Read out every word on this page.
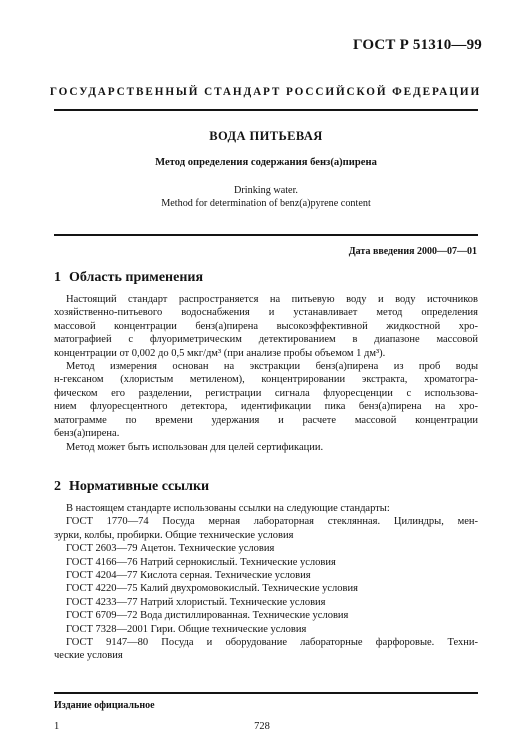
ГОСТ Р 51310—99
ГОСУДАРСТВЕННЫЙ СТАНДАРТ РОССИЙСКОЙ ФЕДЕРАЦИИ
ВОДА ПИТЬЕВАЯ
Метод определения содержания бенз(а)пирена
Drinking water.
Method for determination of benz(a)pyrene content
Дата введения 2000—07—01
1 Область применения
Настоящий стандарт распространяется на питьевую воду и воду источников
хозяйственно-питьевого водоснабжения и устанавливает метод определения
массовой концентрации бенз(а)пирена высокоэффективной жидкостной хро-
матографией с флуориметрическим детектированием в диапазоне массовой
концентрации от 0,002 до 0,5 мкг/дм³ (при анализе пробы объемом 1 дм³).
Метод измерения основан на экстракции бенз(а)пирена из проб воды
н-гексаном (хлористым метиленом), концентрировании экстракта, хроматогра-
фическом его разделении, регистрации сигнала флуоресценции с использова-
нием флуоресцентного детектора, идентификации пика бенз(а)пирена на хро-
матограмме по времени удержания и расчете массовой концентрации
бенз(а)пирена.
Метод может быть использован для целей сертификации.
2 Нормативные ссылки
В настоящем стандарте использованы ссылки на следующие стандарты:
ГОСТ 1770—74 Посуда мерная лабораторная стеклянная. Цилиндры, мен-
зурки, колбы, пробирки. Общие технические условия
ГОСТ 2603—79 Ацетон. Технические условия
ГОСТ 4166—76 Натрий сернокислый. Технические условия
ГОСТ 4204—77 Кислота серная. Технические условия
ГОСТ 4220—75 Калий двухромовокислый. Технические условия
ГОСТ 4233—77 Натрий хлористый. Технические условия
ГОСТ 6709—72 Вода дистиллированная. Технические условия
ГОСТ 7328—2001 Гири. Общие технические условия
ГОСТ 9147—80 Посуда и оборудование лабораторные фарфоровые. Техни-
ческие условия
Издание официальное
1	728
